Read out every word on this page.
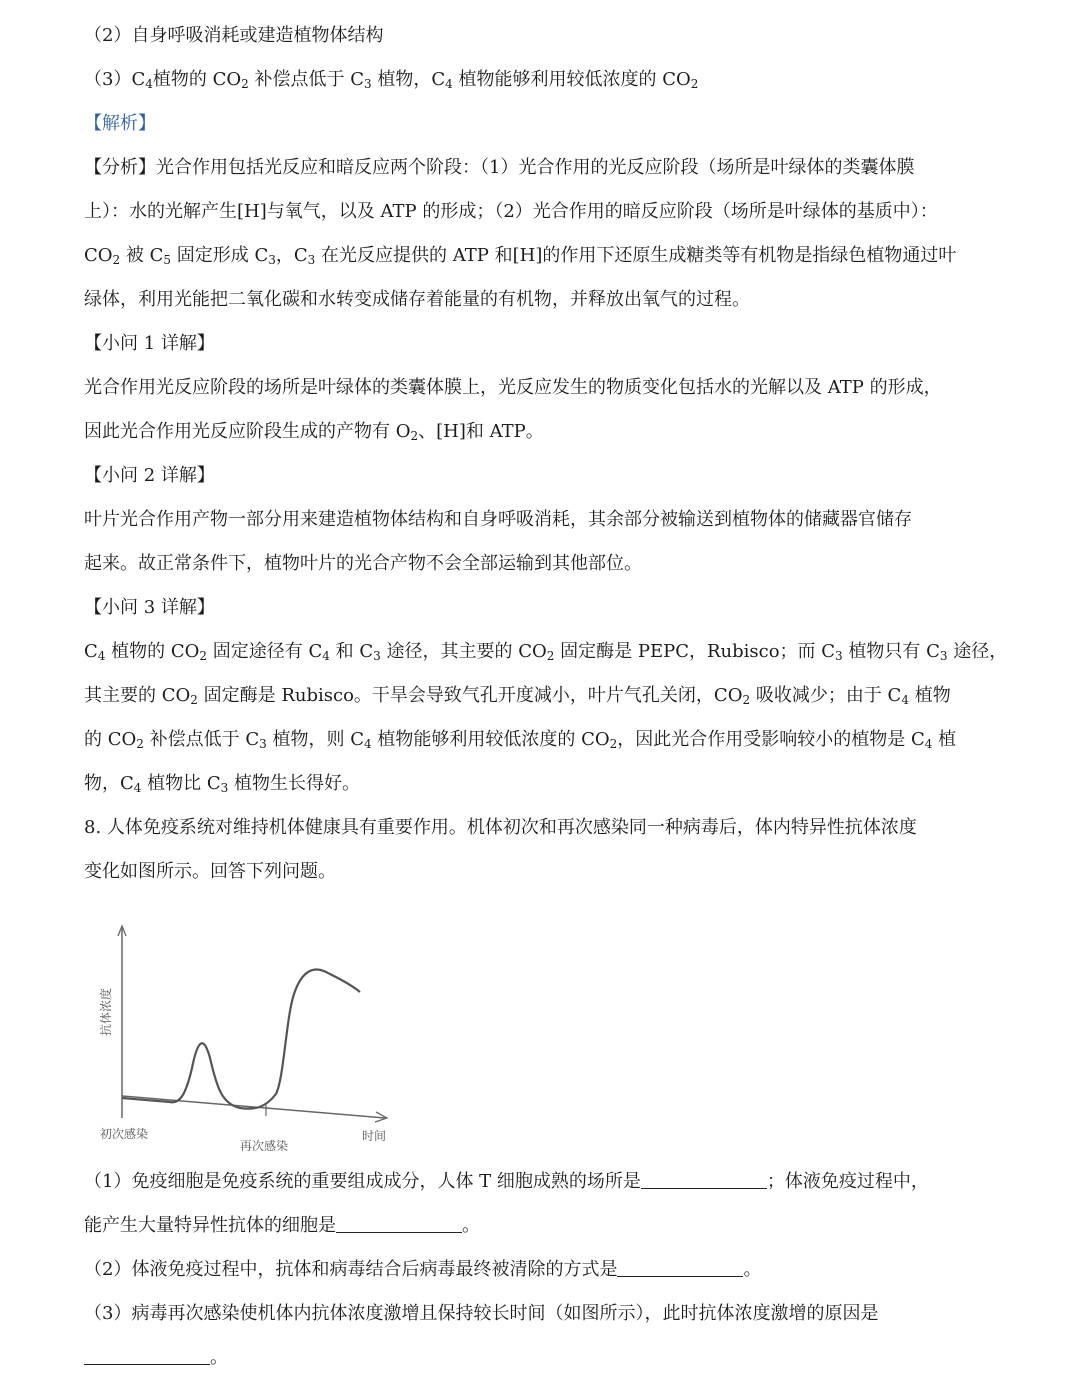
（2）自身呼吸消耗或建造植物体结构
$(3)C_4$植物的 $CO_2$ 补偿点低于 $C_3$ 植物，$C_4$ 植物能够利用较低浓度的 $CO_2$
【解析】
【分析】光合作用包括光反应和暗反应两个阶段：（1）光合作用的光反应阶段（场所是叶绿体的类囊体膜
上）：水的光解产生[H]与氧气，以及 ATP 的形成；（2）光合作用的暗反应阶段（场所是叶绿体的基质中）：
$CO_2$ 被 $C_5$ 固定形成 $C_3$，$C_3$ 在光反应提供的 ATP 和[H]的作用下还原生成糖类等有机物是指绿色植物通过叶
绿体，利用光能把二氧化碳和水转变成储存着能量的有机物，并释放出氧气的过程。
【小问 1 详解】
光合作用光反应阶段的场所是叶绿体的类囊体膜上，光反应发生的物质变化包括水的光解以及 ATP 的形成，
因此光合作用光反应阶段生成的产物有 $O_2$、[H]和 ATP。
【小问 2 详解】
叶片光合作用产物一部分用来建造植物体结构和自身呼吸消耗，其余部分被输送到植物体的储藏器官储存
起来。故正常条件下，植物叶片的光合产物不会全部运输到其他部位。
【小问 3 详解】
$C_4$ 植物的 $CO_2$ 固定途径有 $C_4$ 和 $C_3$ 途径，其主要的 $CO_2$ 固定酶是 PEPC，Rubisco；而 $C_3$ 植物只有 $C_3$ 途径，
其主要的 $CO_2$ 固定酶是 Rubisco。干旱会导致气孔开度减小，叶片气孔关闭，$CO_2$ 吸收减少；由于 $C_4$ 植物
的 $CO_2$ 补偿点低于 $C_3$ 植物，则 $C_4$ 植物能够利用较低浓度的 $CO_2$，因此光合作用受影响较小的植物是 $C_4$ 植
物，$C_4$ 植物比 $C_3$ 植物生长得好。
8. 人体免疫系统对维持机体健康具有重要作用。机体初次和再次感染同一种病毒后，体内特异性抗体浓度
变化如图所示。回答下列问题。
抗体浓度
初次感染
再次感染
时间
（1）免疫细胞是免疫系统的重要组成成分，人体 T 细胞成熟的场所是	；体液免疫过程中，
能产生大量特异性抗体的细胞是	。
（2）体液免疫过程中，抗体和病毒结合后病毒最终被清除的方式是	。
（3）病毒再次感染使机体内抗体浓度激增且保持较长时间（如图所示），此时抗体浓度激增的原因是
。
